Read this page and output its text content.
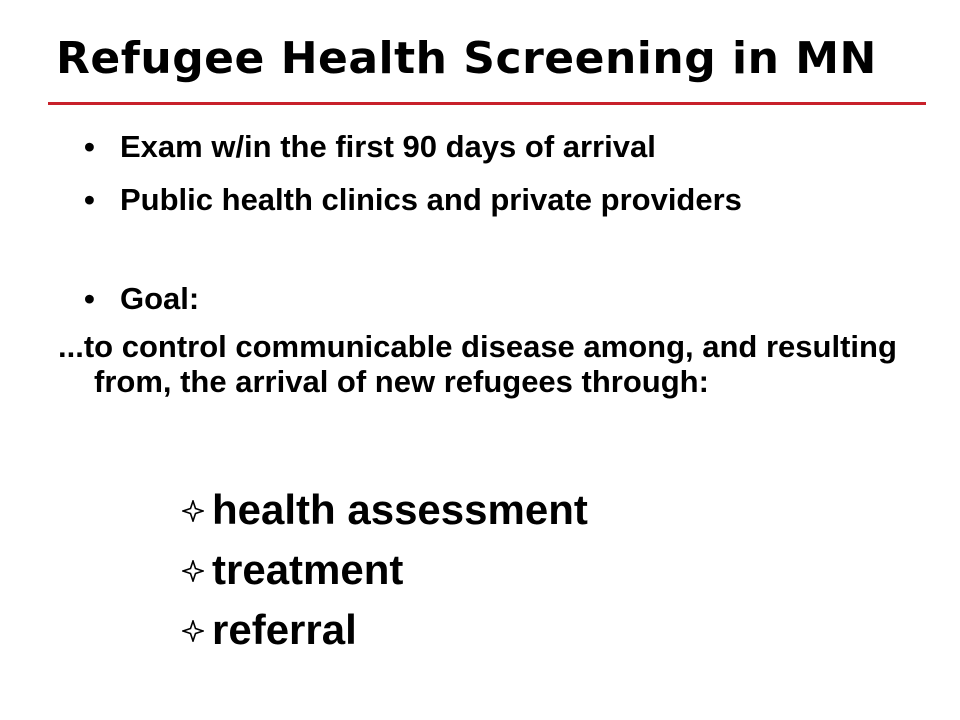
Refugee Health Screening in MN
• Exam w/in the first 90 days of arrival
• Public health clinics and private providers
• Goal:
...to control communicable disease among, and resulting from, the arrival of new refugees through:
health assessment
treatment
referral
